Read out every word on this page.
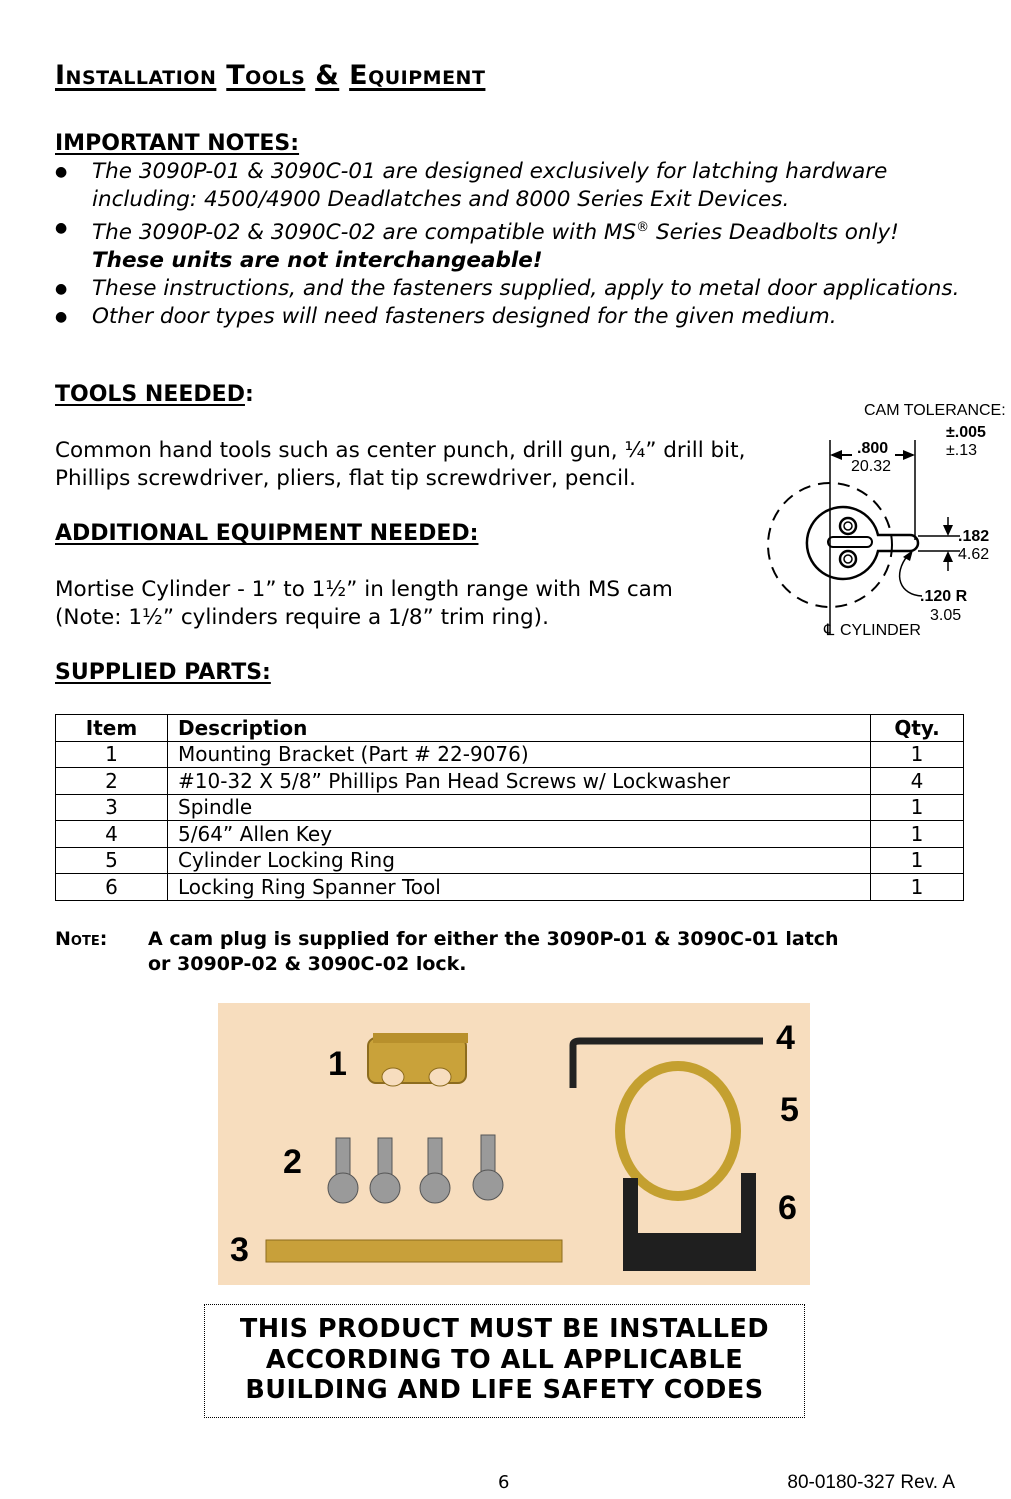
Installation Tools & Equipment
IMPORTANT NOTES:
● The 3090P-01 & 3090C-01 are designed exclusively for latching hardware including: 4500/4900 Deadlatches and 8000 Series Exit Devices.
● The 3090P-02 & 3090C-02 are compatible with MS® Series Deadbolts only!
These units are not interchangeable!
● These instructions, and the fasteners supplied, apply to metal door applications.
● Other door types will need fasteners designed for the given medium.
TOOLS NEEDED:
Common hand tools such as center punch, drill gun, ¼” drill bit, Phillips screwdriver, pliers, flat tip screwdriver, pencil.
ADDITIONAL EQUIPMENT NEEDED:
Mortise Cylinder - 1” to 1½” in length range with MS cam (Note: 1½” cylinders require a 1/8” trim ring).
CAM TOLERANCE:
±.005
±.13
.800
20.32
.182
4.62
.120 R
3.05
℄ CYLINDER
SUPPLIED PARTS:
Item	Description	Qty.
1	Mounting Bracket (Part # 22-9076)	1
2	#10-32 X 5/8” Phillips Pan Head Screws w/ Lockwasher	4
3	Spindle	1
4	5/64” Allen Key	1
5	Cylinder Locking Ring	1
6	Locking Ring Spanner Tool	1
Note: A cam plug is supplied for either the 3090P-01 & 3090C-01 latch
or 3090P-02 & 3090C-02 lock.
1
2
3
4
5
6
THIS PRODUCT MUST BE INSTALLED
ACCORDING TO ALL APPLICABLE
BUILDING AND LIFE SAFETY CODES
6	80-0180-327 Rev. A
